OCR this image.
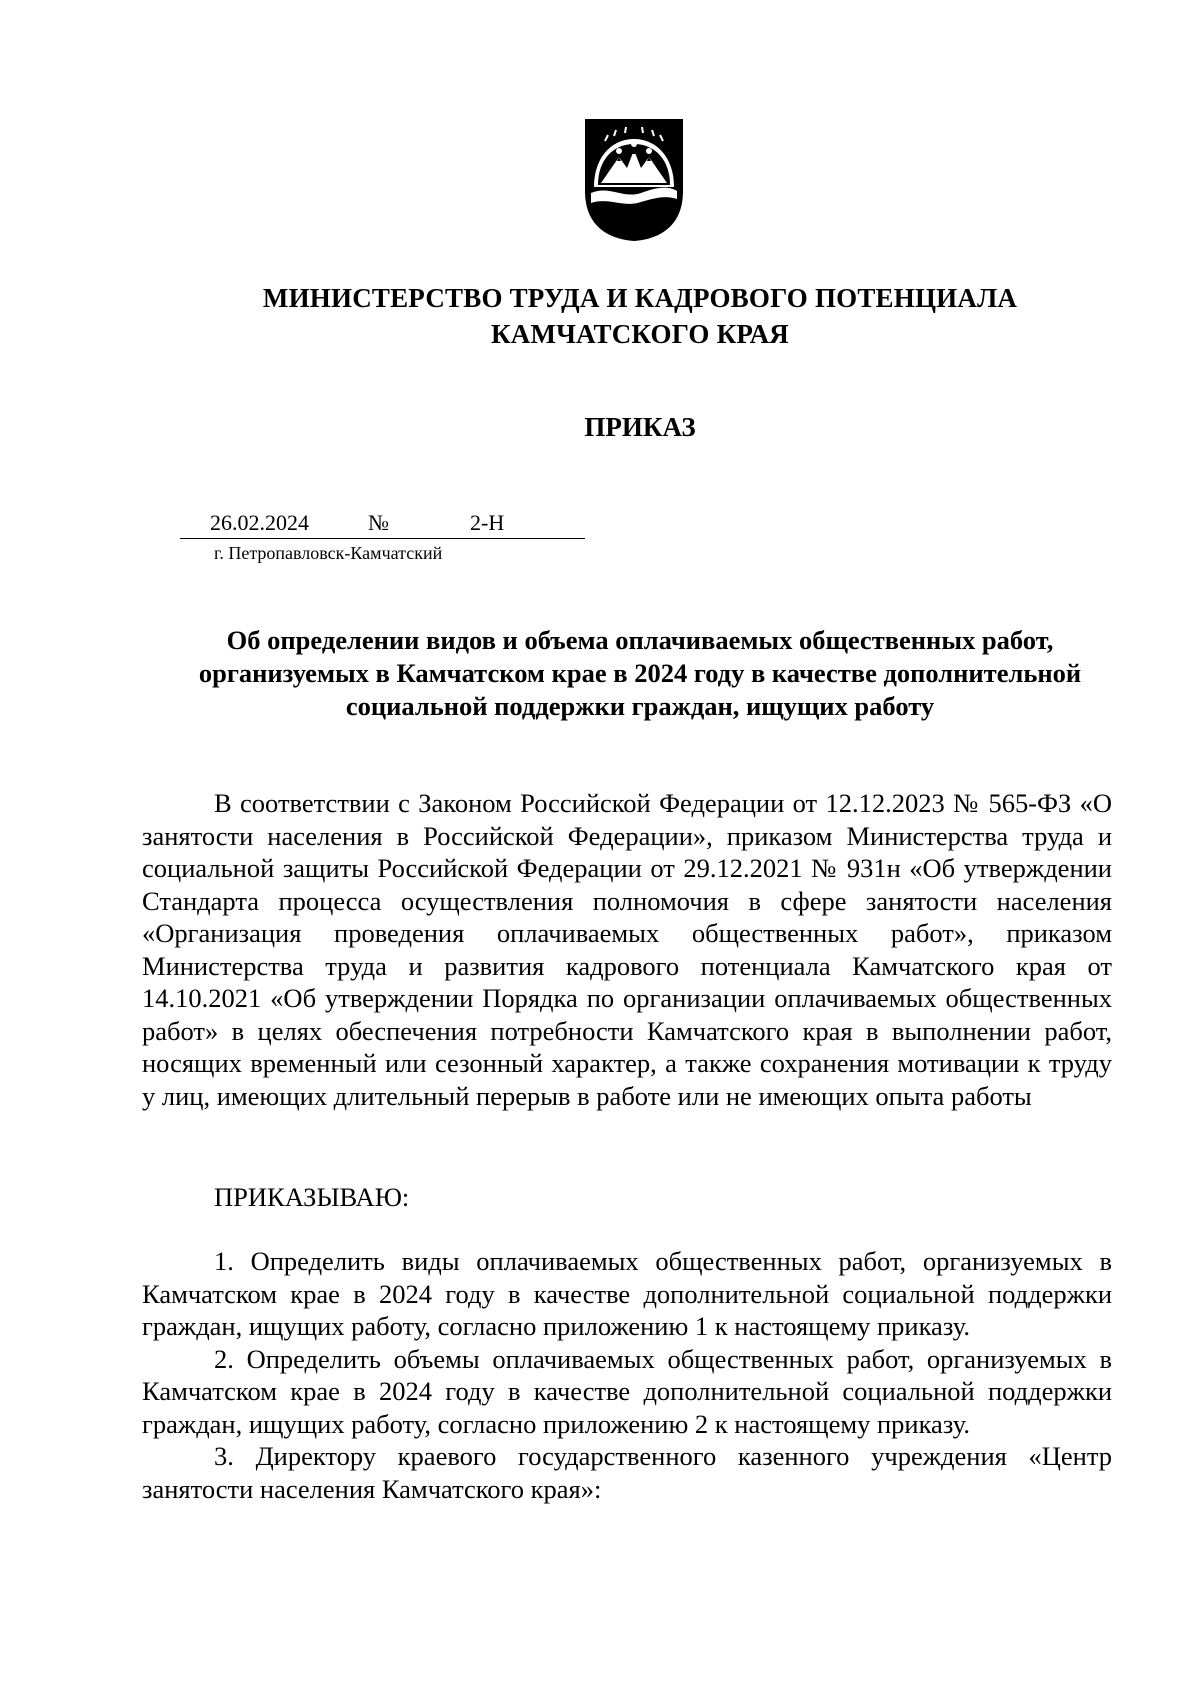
МИНИСТЕРСТВО ТРУДА И КАДРОВОГО ПОТЕНЦИАЛА
КАМЧАТСКОГО КРАЯ
ПРИКАЗ
26.02.2024	№	2-Н
г. Петропавловск-Камчатский
Об определении видов и объема оплачиваемых общественных работ,
организуемых в Камчатском крае в 2024 году в качестве дополнительной
социальной поддержки граждан, ищущих работу

В соответствии с Законом Российской Федерации от 12.12.2023 № 565-ФЗ «О занятости населения в Российской Федерации», приказом Министерства труда и социальной защиты Российской Федерации от 29.12.2021 № 931н «Об утверждении Стандарта процесса осуществления полномочия в сфере занятости населения «Организация проведения оплачиваемых общественных работ», приказом Министерства труда и развития кадрового потенциала Камчатского края от 14.10.2021 «Об утверждении Порядка по организации оплачиваемых общественных работ» в целях обеспечения потребности Камчатского края в выполнении работ, носящих временный или сезонный характер, а также сохранения мотивации к труду у лиц, имеющих длительный перерыв в работе или не имеющих опыта работы

ПРИКАЗЫВАЮ:

1. Определить виды оплачиваемых общественных работ, организуемых в Камчатском крае в 2024 году в качестве дополнительной социальной поддержки граждан, ищущих работу, согласно приложению 1 к настоящему приказу.

2. Определить объемы оплачиваемых общественных работ, организуемых в Камчатском крае в 2024 году в качестве дополнительной социальной поддержки граждан, ищущих работу, согласно приложению 2 к настоящему приказу.

3. Директору краевого государственного казенного учреждения «Центр занятости населения Камчатского края»:
